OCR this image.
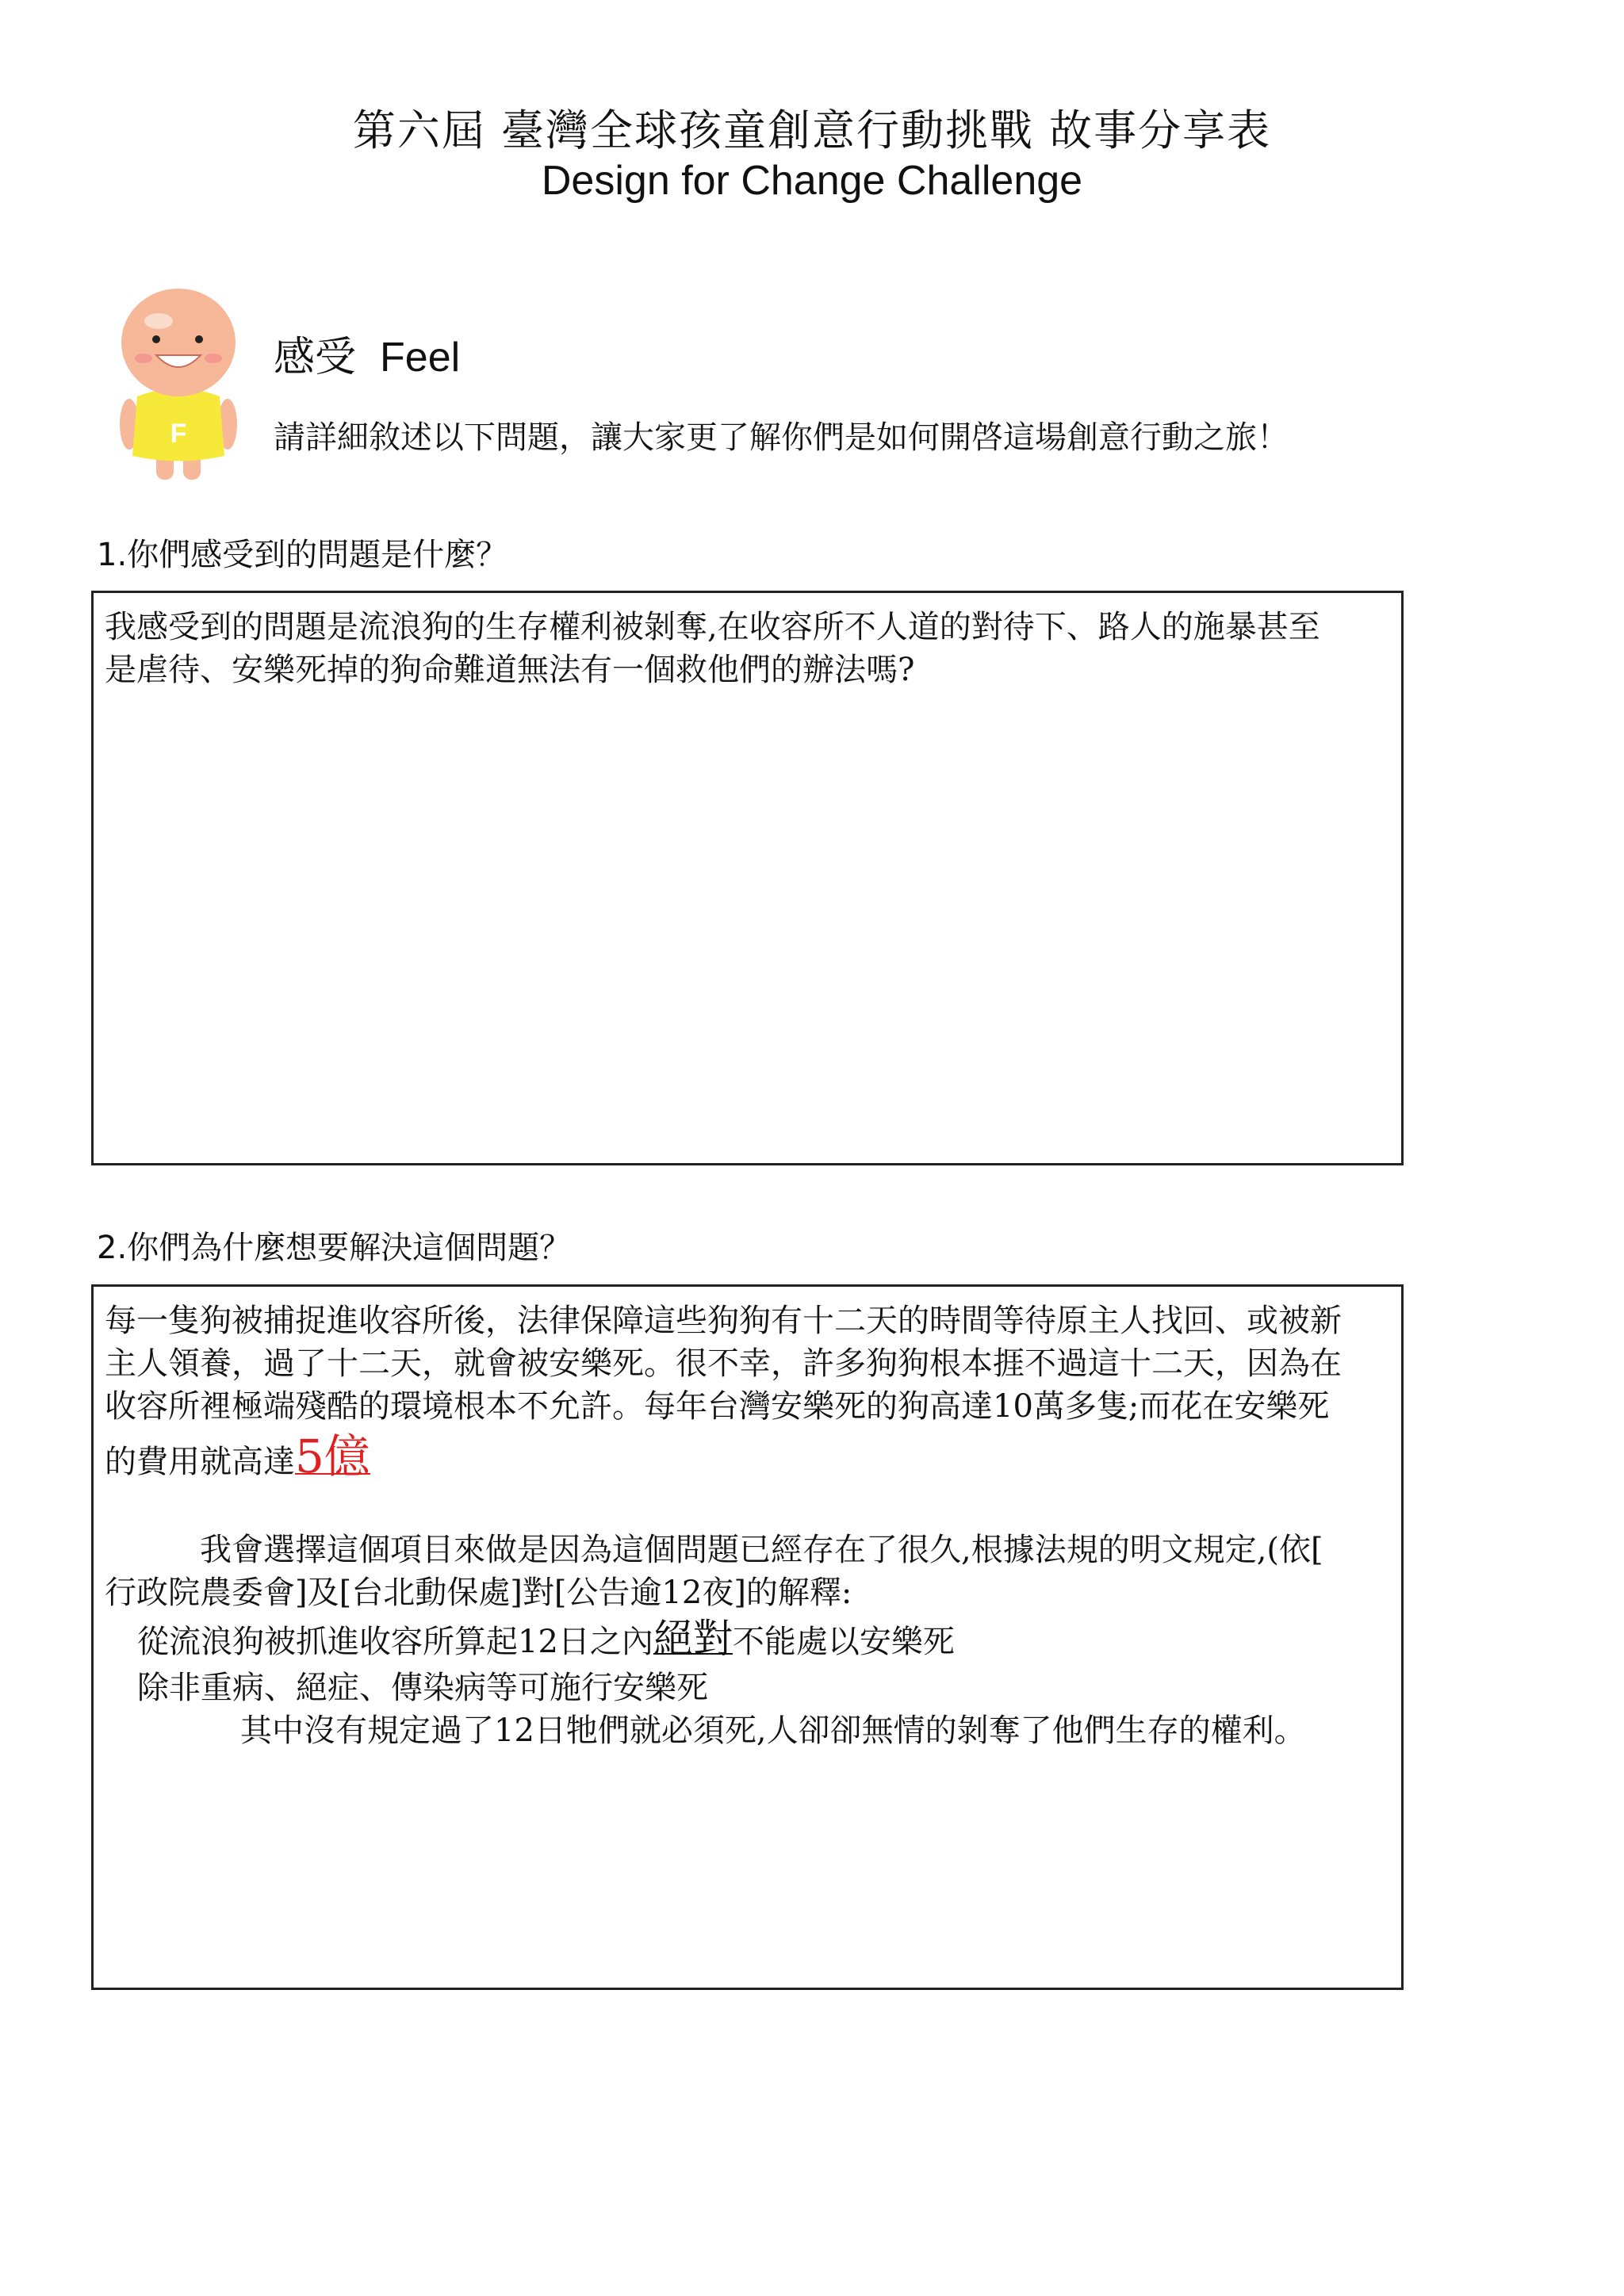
第六屆 臺灣全球孩童創意行動挑戰 故事分享表
Design for Change Challenge
F
感受 Feel
請詳細敘述以下問題，讓大家更了解你們是如何開啓這場創意行動之旅！
1.你們感受到的問題是什麼？

我感受到的問題是流浪狗的生存權利被剝奪,在收容所不人道的對待下、路人的施暴甚至

是虐待、安樂死掉的狗命難道無法有一個救他們的辦法嗎?

2.你們為什麼想要解決這個問題？

每一隻狗被捕捉進收容所後，法律保障這些狗狗有十二天的時間等待原主人找回、或被新

主人領養，過了十二天，就會被安樂死。很不幸，許多狗狗根本捱不過這十二天，因為在

收容所裡極端殘酷的環境根本不允許。每年台灣安樂死的狗高達10萬多隻;而花在安樂死

的費用就高達5億

我會選擇這個項目來做是因為這個問題已經存在了很久,根據法規的明文規定,(依[

行政院農委會]及[台北動保處]對[公告逾12夜]的解釋:

從流浪狗被抓進收容所算起12日之內絕對不能處以安樂死

除非重病、絕症、傳染病等可施行安樂死

其中沒有規定過了12日牠們就必須死,人卻卻無情的剝奪了他們生存的權利。
